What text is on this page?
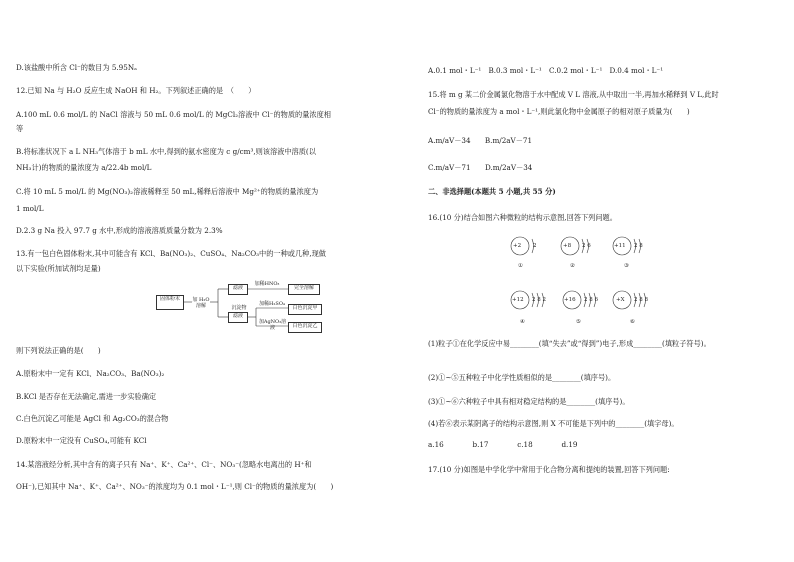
D.该盐酸中所含 Cl⁻的数目为 5.95Nₐ
12.已知 Na 与 H₂O 反应生成 NaOH 和 H₂。下列叙述正确的是　（　　）
A.100 mL 0.6 mol/L 的 NaCl 溶液与 50 mL 0.6 mol/L 的 MgCl₂溶液中 Cl⁻的物质的量浓度相
等
B.将标准状况下 a L NH₃气体溶于 b mL 水中,得到的氨水密度为 c g/cm³,则该溶液中溶质(以
NH₃计)的物质的量浓度为 a/22.4b mol/L
C.将 10 mL 5 mol/L 的 Mg(NO₃)₂溶液稀释至 50 mL,稀释后溶液中 Mg²⁺的物质的量浓度为
1 mol/L
D.2.3 g Na 投入 97.7 g 水中,形成的溶液溶质质量分数为 2.3%
13.有一包白色固体粉末,其中可能含有 KCl、Ba(NO₃)₂、CuSO₄、Na₂CO₃中的一种或几种,现做
以下实验(所加试剂均足量)
固体粉末	加 H₂O 溶解
滤液
加稀HNO₃
完全溶解
滤液
加稀H₂SO₄
白色沉淀甲
加AgNO₃溶液	白色沉淀乙
沉淀物
则下列说法正确的是(　　)
A.原粉末中一定有 KCl、Na₂CO₃、Ba(NO₃)₂
B.KCl 是否存在无法确定,需进一步实验确定
C.白色沉淀乙可能是 AgCl 和 Ag₂CO₃的混合物
D.原粉末中一定没有 CuSO₄,可能有 KCl
14.某溶液经分析,其中含有的离子只有 Na⁺、K⁺、Ca²⁺、Cl⁻、NO₃⁻(忽略水电离出的 H⁺和
OH⁻),已知其中 Na⁺、K⁺、Ca²⁺、NO₃⁻的浓度均为 0.1 mol・L⁻¹,则 Cl⁻的物质的量浓度为(　　)
A.0.1 mol・L⁻¹　B.0.3 mol・L⁻¹　C.0.2 mol・L⁻¹　D.0.4 mol・L⁻¹
15.将 m g 某二价金属氯化物溶于水中配成 V L 溶液,从中取出一半,再加水稀释到 V L,此时
Cl⁻的物质的量浓度为 a mol・L⁻¹,则此氯化物中金属原子的相对原子质量为(　　)
A.m/aV－34　　B.m/2aV－71
C.m/aV－71　　D.m/2aV－34
二、非选择题(本题共 5 小题,共 55 分)
16.(10 分)结合如图六种微粒的结构示意图,回答下列问题。
+2	+8	+11
+12	+16	+X
2	2 6	2 8
2 8 2	2 8 6	2 8 8
①	②	③
④	⑤	⑥
(1)粒子①在化学反应中易________(填“失去”或“得到”)电子,形成________(填粒子符号)。
(2)①~⑤五种粒子中化学性质相似的是________(填序号)。
(3)①~⑥六种粒子中具有相对稳定结构的是________(填序号)。
(4)若⑥表示某阴离子的结构示意图,则 X 不可能是下列中的________(填字母)。
a.16　　　　b.17　　　　c.18　　　　d.19
17.(10 分)如图是中学化学中常用于化合物分离和提纯的装置,回答下列问题:
